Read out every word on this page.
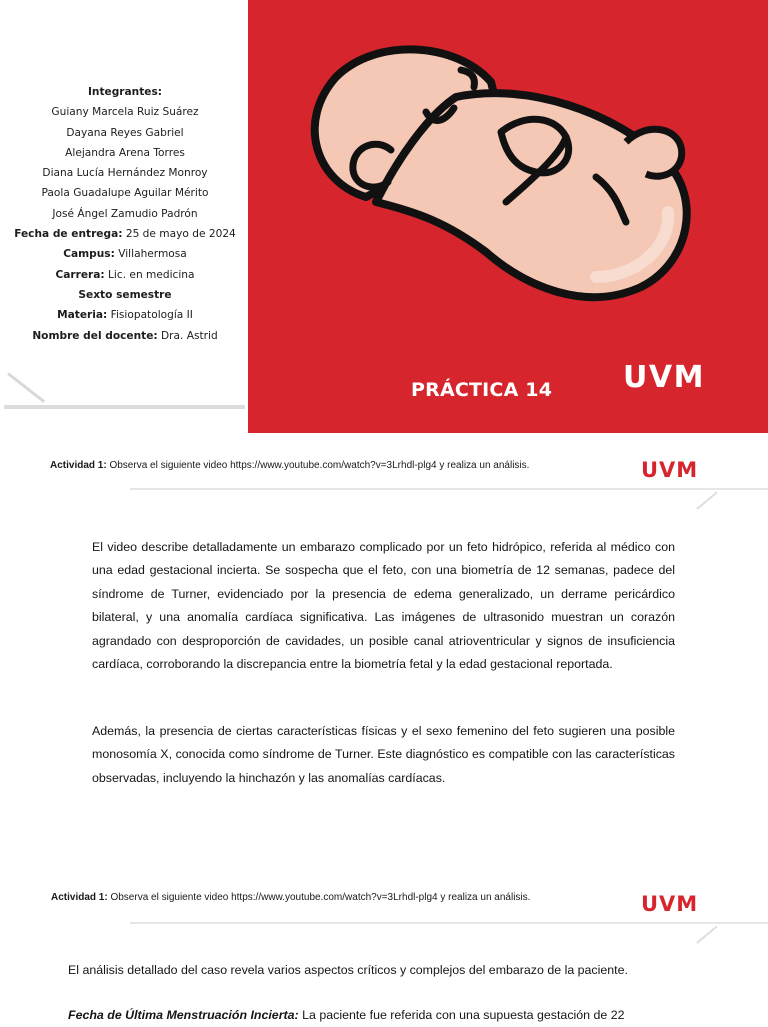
Integrantes:
Guiany Marcela Ruiz Suárez
Dayana Reyes Gabriel
Alejandra Arena Torres
Diana Lucía Hernández Monroy
Paola Guadalupe Aguilar Mérito
José Ángel Zamudio Padrón
Fecha de entrega: 25 de mayo de 2024
Campus: Villahermosa
Carrera: Lic. en medicina
Sexto semestre
Materia: Fisiopatología II
Nombre del docente: Dra. Astrid
PRÁCTICA 14 UVM
Actividad 1: Observa el siguiente video https://www.youtube.com/watch?v=3Lrhdl-plg4 y realiza un análisis.	UVM
El video describe detalladamente un embarazo complicado por un feto hidrópico, referida al médico con una edad gestacional incierta. Se sospecha que el feto, con una biometría de 12 semanas, padece del síndrome de Turner, evidenciado por la presencia de edema generalizado, un derrame pericárdico bilateral, y una anomalía cardíaca significativa. Las imágenes de ultrasonido muestran un corazón agrandado con desproporción de cavidades, un posible canal atrioventricular y signos de insuficiencia cardíaca, corroborando la discrepancia entre la biometría fetal y la edad gestacional reportada.
Además, la presencia de ciertas características físicas y el sexo femenino del feto sugieren una posible monosomía X, conocida como síndrome de Turner. Este diagnóstico es compatible con las características observadas, incluyendo la hinchazón y las anomalías cardíacas.
Actividad 1: Observa el siguiente video https://www.youtube.com/watch?v=3Lrhdl-plg4 y realiza un análisis.	UVM
El análisis detallado del caso revela varios aspectos críticos y complejos del embarazo de la paciente.
Fecha de Última Menstruación Incierta: La paciente fue referida con una supuesta gestación de 22
